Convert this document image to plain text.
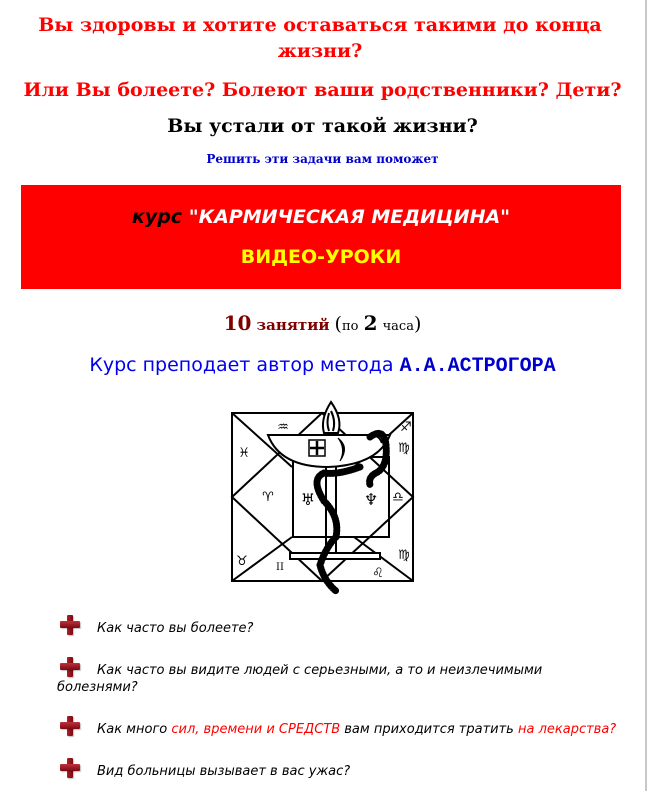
Вы здоровы и хотите оставаться такими до конца жизни?

Или Вы болеете? Болеют ваши родственники? Дети?

Вы устали от такой жизни?

Решить эти задачи вам поможет

курс "КАРМИЧЕСКАЯ МЕДИЦИНА"
ВИДЕО-УРОКИ
10 занятий (по 2 часа)
Курс преподает автор метода А.А.АСТРОГОРА
♒	♐
♓	♍
♈	♎
♅	♆
♉	II
♍
♌
Как часто вы болеете?
Как часто вы видите людей с серьезными, а то и неизлечимыми болезнями?
Как много сил, времени и СРЕДСТВ вам приходится тратить на лекарства?
Вид больницы вызывает в вас ужас?
